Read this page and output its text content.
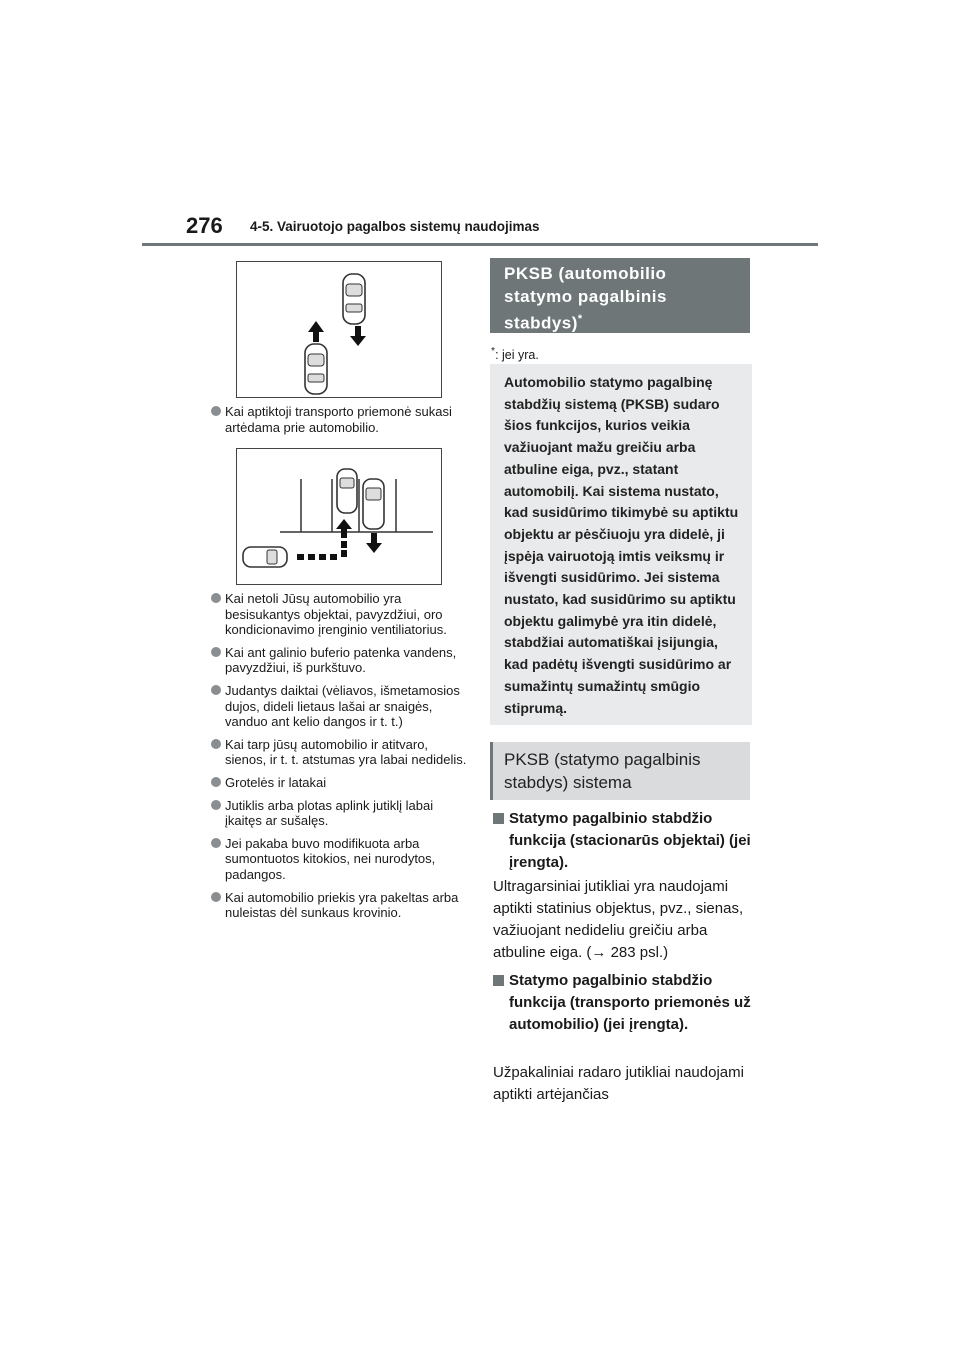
276 4-5. Vairuotojo pagalbos sistemų naudojimas
Kai aptiktoji transporto priemonė sukasi artėdama prie automobilio.
Kai netoli Jūsų automobilio yra besisukantys objektai, pavyzdžiui, oro kondicionavimo įrenginio ventiliatorius.
Kai ant galinio buferio patenka vandens, pavyzdžiui, iš purkštuvo.
Judantys daiktai (vėliavos, išmetamosios dujos, dideli lietaus lašai ar snaigės, vanduo ant kelio dangos ir t. t.)
Kai tarp jūsų automobilio ir atitvaro, sienos, ir t. t. atstumas yra labai nedidelis.
Grotelės ir latakai
Jutiklis arba plotas aplink jutiklį labai įkaitęs ar sušalęs.
Jei pakaba buvo modifikuota arba sumontuotos kitokios, nei nurodytos, padangos.
Kai automobilio priekis yra pakeltas arba nuleistas dėl sunkaus krovinio.
PKSB (automobilio statymo pagalbinis stabdys)*
*: jei yra.
Automobilio statymo pagalbinę stabdžių sistemą (PKSB) sudaro šios funkcijos, kurios veikia važiuojant mažu greičiu arba atbuline eiga, pvz., statant automobilį. Kai sistema nustato, kad susidūrimo tikimybė su aptiktu objektu ar pėsčiuoju yra didelė, ji įspėja vairuotoją imtis veiksmų ir išvengti susidūrimo. Jei sistema nustato, kad susidūrimo su aptiktu objektu galimybė yra itin didelė, stabdžiai automatiškai įsijungia, kad padėtų išvengti susidūrimo ar sumažintų sumažintų smūgio stiprumą.
PKSB (statymo pagalbinis stabdys) sistema
Statymo pagalbinio stabdžio funkcija (stacionarūs objektai) (jei įrengta).
Ultragarsiniai jutikliai yra naudojami aptikti statinius objektus, pvz., sienas, važiuojant nedideliu greičiu arba atbuline eiga. (→ 283 psl.)
Statymo pagalbinio stabdžio funkcija (transporto priemonės už automobilio) (jei įrengta).
Užpakaliniai radaro jutikliai naudojami aptikti artėjančias
